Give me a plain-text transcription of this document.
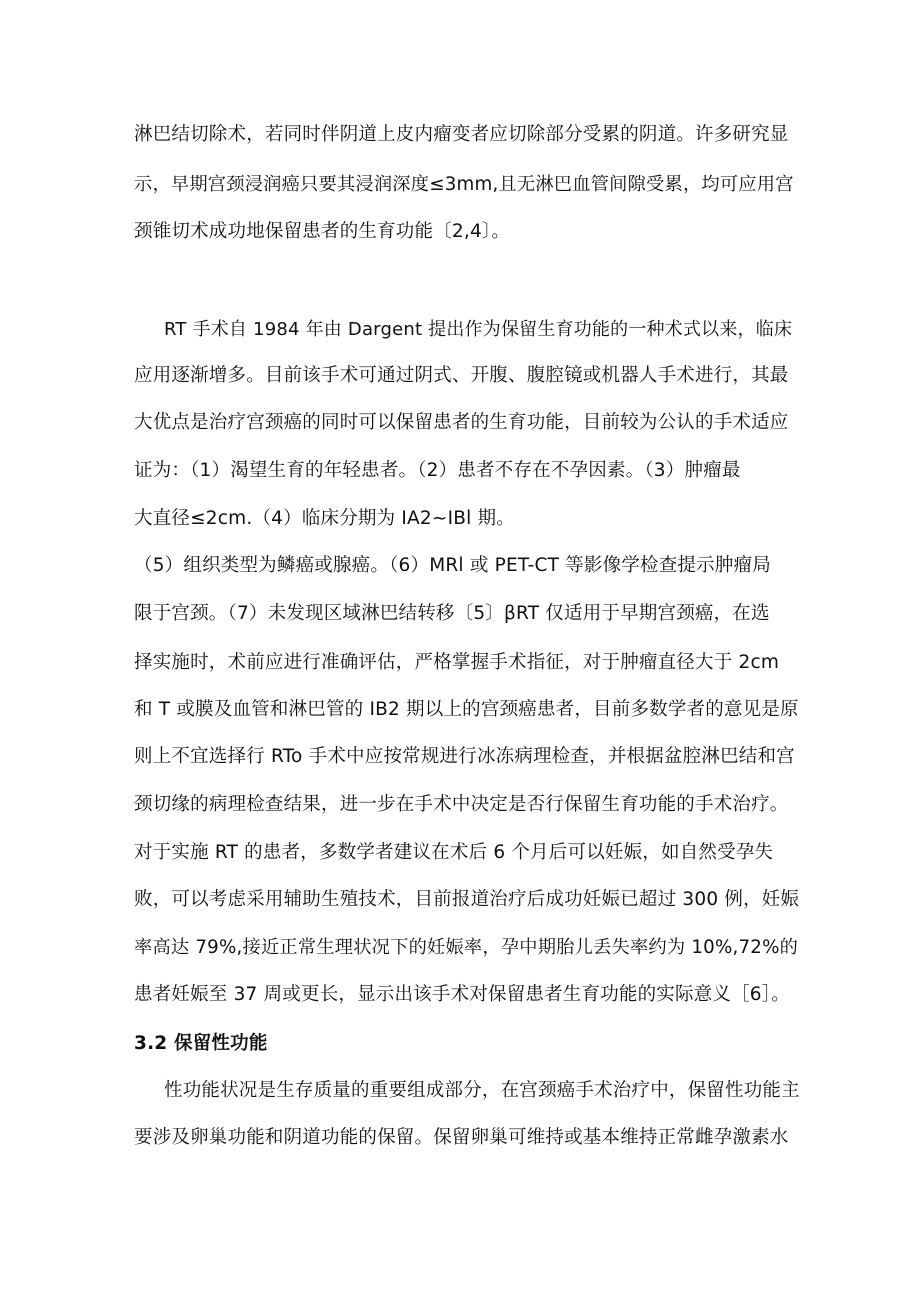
淋巴结切除术，若同时伴阴道上皮内瘤变者应切除部分受累的阴道。许多研究显
示，早期宫颈浸润癌只要其浸润深度≤3mm,且无淋巴血管间隙受累，均可应用宫
颈锥切术成功地保留患者的生育功能〔2,4〕。
RT 手术自 1984 年由 Dargent 提出作为保留生育功能的一种术式以来，临床
应用逐渐增多。目前该手术可通过阴式、开腹、腹腔镜或机器人手术进行，其最
大优点是治疗宫颈癌的同时可以保留患者的生育功能，目前较为公认的手术适应
证为：（1）渴望生育的年轻患者。（2）患者不存在不孕因素。（3）肿瘤最
大直径≤2cm.（4）临床分期为 IA2~IBl 期。
（5）组织类型为鳞癌或腺癌。（6）MRl 或 PET-CT 等影像学检查提示肿瘤局
限于宫颈。（7）未发现区域淋巴结转移〔5〕βRT 仅适用于早期宫颈癌，在选
择实施时，术前应进行准确评估，严格掌握手术指征，对于肿瘤直径大于 2cm
和 T 或膜及血管和淋巴管的 IB2 期以上的宫颈癌患者，目前多数学者的意见是原
则上不宜选择行 RTo 手术中应按常规进行冰冻病理检查，并根据盆腔淋巴结和宫
颈切缘的病理检查结果，进一步在手术中决定是否行保留生育功能的手术治疗。
对于实施 RT 的患者，多数学者建议在术后 6 个月后可以妊娠，如自然受孕失
败，可以考虑采用辅助生殖技术，目前报道治疗后成功妊娠已超过 300 例，妊娠
率高达 79%,接近正常生理状况下的妊娠率，孕中期胎儿丢失率约为 10%,72%的
患者妊娠至 37 周或更长，显示出该手术对保留患者生育功能的实际意义［6］。
3.2 保留性功能
性功能状况是生存质量的重要组成部分，在宫颈癌手术治疗中，保留性功能主
要涉及卵巢功能和阴道功能的保留。保留卵巢可维持或基本维持正常雌孕激素水
